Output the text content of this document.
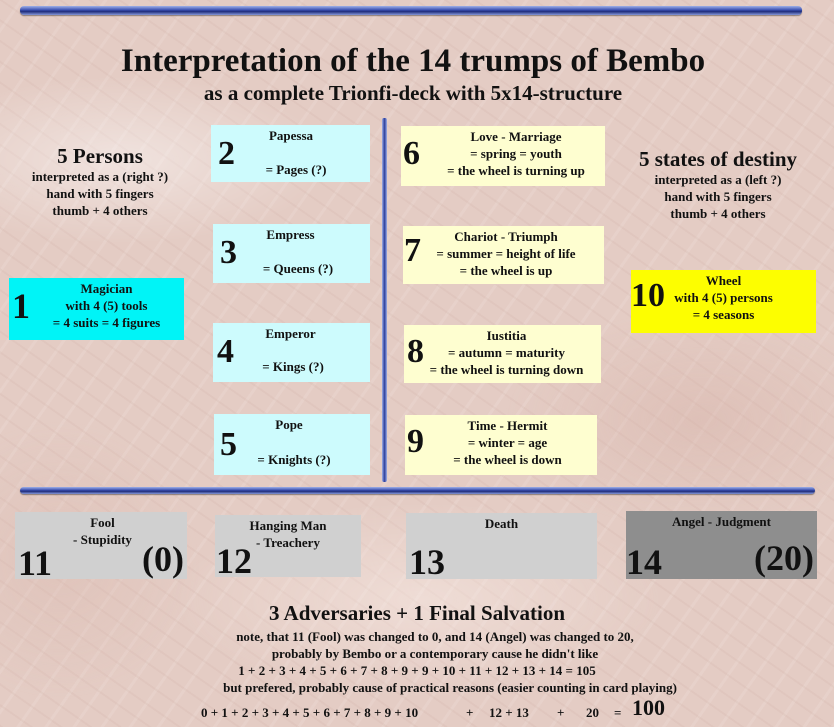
Interpretation of the 14 trumps of Bembo
as a complete Trionfi-deck with 5x14-structure
5 Persons
interpreted as a (right ?)
hand with 5 fingers
thumb + 4 others
5 states of destiny
interpreted as a (left ?)
hand with 5 fingers
thumb + 4 others
1	Magician
with 4 (5) tools
= 4 suits = 4 figures
2	Papessa
= Pages (?)
3	Empress
= Queens (?)
4	Emperor
= Kings (?)
5
Pope
= Knights (?)
6	Love - Marriage
= spring = youth
= the wheel is turning up
7	Chariot - Triumph
= summer = height of life
= the wheel is up
8	Iustitia
= autumn = maturity
= the wheel is turning down
9	Time - Hermit
= winter = age
= the wheel is down
10	Wheel
with 4 (5) persons
= 4 seasons
Fool
- Stupidity
11	(0)
Hanging Man
- Treachery
12
Death
13
Angel - Judgment
14	(20)
3 Adversaries + 1 Final Salvation
note, that 11 (Fool) was changed to 0, and 14 (Angel) was changed to 20,
probably by Bembo or a contemporary cause he didn't like
1 + 2 + 3 + 4 + 5 + 6 + 7 + 8 + 9 + 9 + 10 + 11 + 12 + 13 + 14 = 105
but prefered, probably cause of practical reasons (easier counting in card playing)
0 + 1 + 2 + 3 + 4 + 5 + 6 + 7 + 8 + 9 + 10	+ 12 + 13 + 20 = 100
